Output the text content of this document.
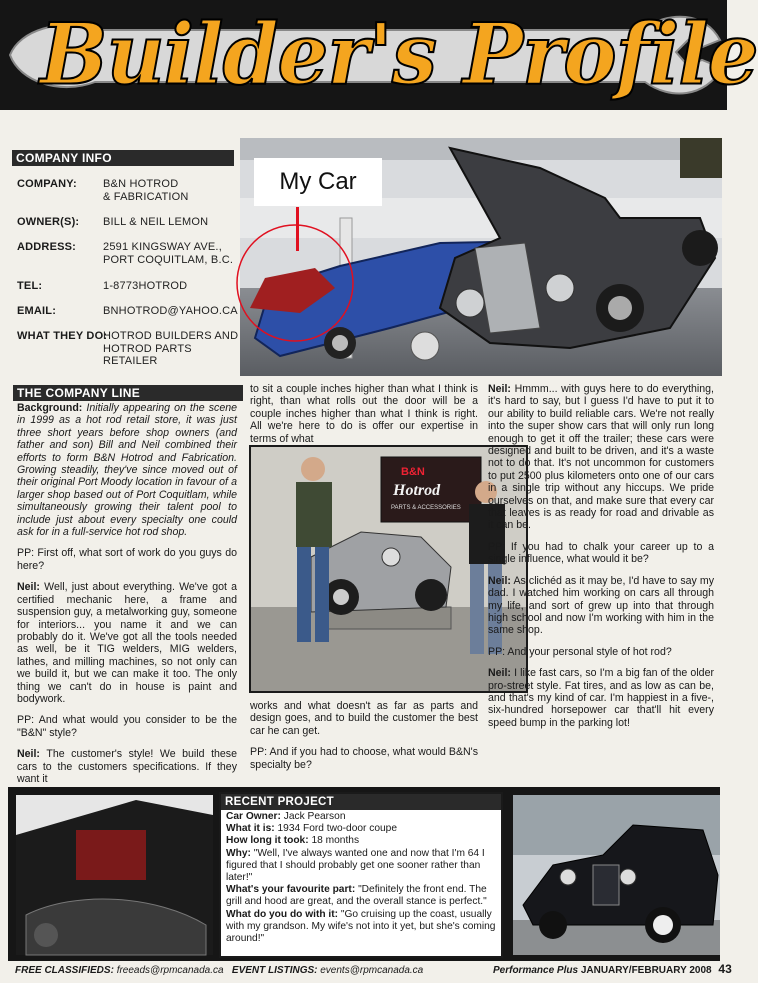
Builder's Profile
COMPANY INFO
COMPANY: B&N HOTROD
& FABRICATION
OWNER(S): BILL & NEIL LEMON
ADDRESS: 2591 KINGSWAY AVE.,
PORT COQUITLAM, B.C.
TEL:	1-8773HOTROD
EMAIL:	BNHOTROD@YAHOO.CA
WHAT THEY DO:
HOTROD BUILDERS AND
HOTROD PARTS
RETAILER
My Car
THE COMPANY LINE

Background: Initially appearing on the scene in 1999 as a hot rod retail store, it was just three short years before shop owners (and father and son) Bill and Neil combined their efforts to form B&N Hotrod and Fabrication. Growing steadily, they've since moved out of their original Port Moody location in favour of a larger shop based out of Port Coquitlam, while simultaneously growing their talent pool to include just about every specialty one could ask for in a full-service hot rod shop.

PP: First off, what sort of work do you guys do here?

Neil: Well, just about everything. We've got a certified mechanic here, a frame and suspension guy, a metalworking guy, someone for interiors... you name it and we can probably do it. We've got all the tools needed as well, be it TIG welders, MIG welders, lathes, and milling machines, so not only can we build it, but we can make it too. The only thing we can't do in house is paint and bodywork.

PP: And what would you consider to be the "B&N" style?

Neil: The customer's style! We build these cars to the customers specifications. If they want it

to sit a couple inches higher than what I think is right, than what rolls out the door will be a couple inches higher than what I think is right. All we're here to do is offer our expertise in terms of what
B&N
Hotrod
PARTS & ACCESSORIES

works and what doesn't as far as parts and design goes, and to build the customer the best car he can get.

PP: And if you had to choose, what would B&N's specialty be?

Neil: Hmmm... with guys here to do everything, it's hard to say, but I guess I'd have to put it to our ability to build reliable cars. We're not really into the super show cars that will only run long enough to get it off the trailer; these cars were designed and built to be driven, and it's a waste not to do that. It's not uncommon for customers to put 2500 plus kilometers onto one of our cars in a single trip without any hiccups. We pride ourselves on that, and make sure that every car that leaves is as ready for road and drivable as it can be.

PP: If you had to chalk your career up to a single influence, what would it be?

Neil: As clichéd as it may be, I'd have to say my dad. I watched him working on cars all through my life, and sort of grew up into that through high school and now I'm working with him in the same shop.

PP: And your personal style of hot rod?

Neil: I like fast cars, so I'm a big fan of the older pro-street style. Fat tires, and as low as can be, and that's my kind of car. I'm happiest in a five-, six-hundred horsepower car that'll hit every speed bump in the parking lot!

RECENT PROJECT
Car Owner: Jack Pearson
What it is: 1934 Ford two-door coupe
How long it took: 18 months
Why: "Well, I've always wanted one and now that I'm 64 I figured that I should probably get one sooner rather than later!"
What's your favourite part: "Definitely the front end. The grill and hood are great, and the overall stance is perfect."
What do you do with it: "Go cruising up the coast, usually with my grandson. My wife's not into it yet, but she's coming around!"
FREE CLASSIFIEDS: freeads@rpmcanada.ca EVENT LISTINGS: events@rpmcanada.ca	Performance Plus JANUARY/FEBRUARY 2008 43
